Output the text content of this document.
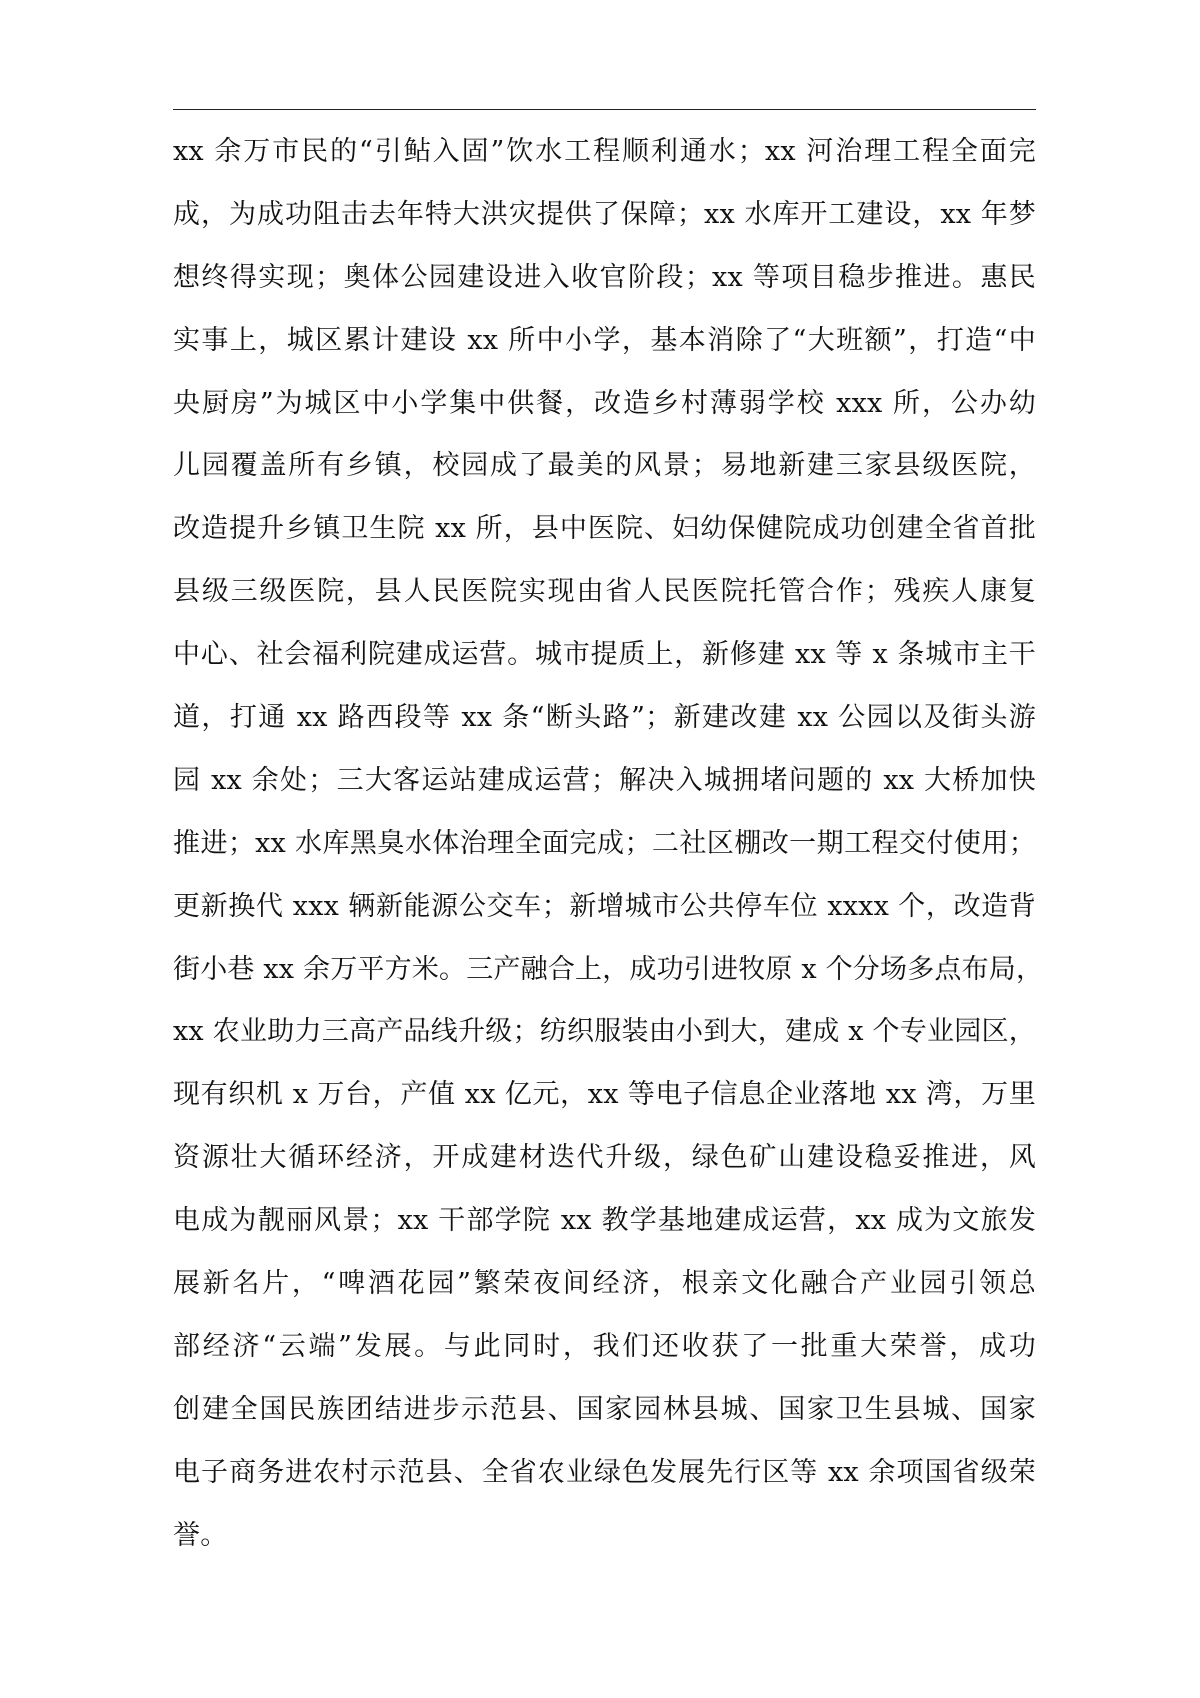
xx 余万市民的“引鲇入固”饮水工程顺利通水；xx 河治理工程全面完
成，为成功阻击去年特大洪灾提供了保障；xx 水库开工建设，xx 年梦
想终得实现；奥体公园建设进入收官阶段；xx 等项目稳步推进。惠民
实事上，城区累计建设 xx 所中小学，基本消除了“大班额”，打造“中
央厨房”为城区中小学集中供餐，改造乡村薄弱学校 xxx 所，公办幼
儿园覆盖所有乡镇，校园成了最美的风景；易地新建三家县级医院，
改造提升乡镇卫生院 xx 所，县中医院、妇幼保健院成功创建全省首批
县级三级医院，县人民医院实现由省人民医院托管合作；残疾人康复
中心、社会福利院建成运营。城市提质上，新修建 xx 等 x 条城市主干
道，打通 xx 路西段等 xx 条“断头路”；新建改建 xx 公园以及街头游
园 xx 余处；三大客运站建成运营；解决入城拥堵问题的 xx 大桥加快
推进；xx 水库黑臭水体治理全面完成；二社区棚改一期工程交付使用；
更新换代 xxx 辆新能源公交车；新增城市公共停车位 xxxx 个，改造背
街小巷 xx 余万平方米。三产融合上，成功引进牧原 x 个分场多点布局，
xx 农业助力三高产品线升级；纺织服装由小到大，建成 x 个专业园区，
现有织机 x 万台，产值 xx 亿元，xx 等电子信息企业落地 xx 湾，万里
资源壮大循环经济，开成建材迭代升级，绿色矿山建设稳妥推进，风
电成为靓丽风景；xx 干部学院 xx 教学基地建成运营，xx 成为文旅发
展新名片，“啤酒花园”繁荣夜间经济，根亲文化融合产业园引领总
部经济“云端”发展。与此同时，我们还收获了一批重大荣誉，成功
创建全国民族团结进步示范县、国家园林县城、国家卫生县城、国家
电子商务进农村示范县、全省农业绿色发展先行区等 xx 余项国省级荣
誉。
